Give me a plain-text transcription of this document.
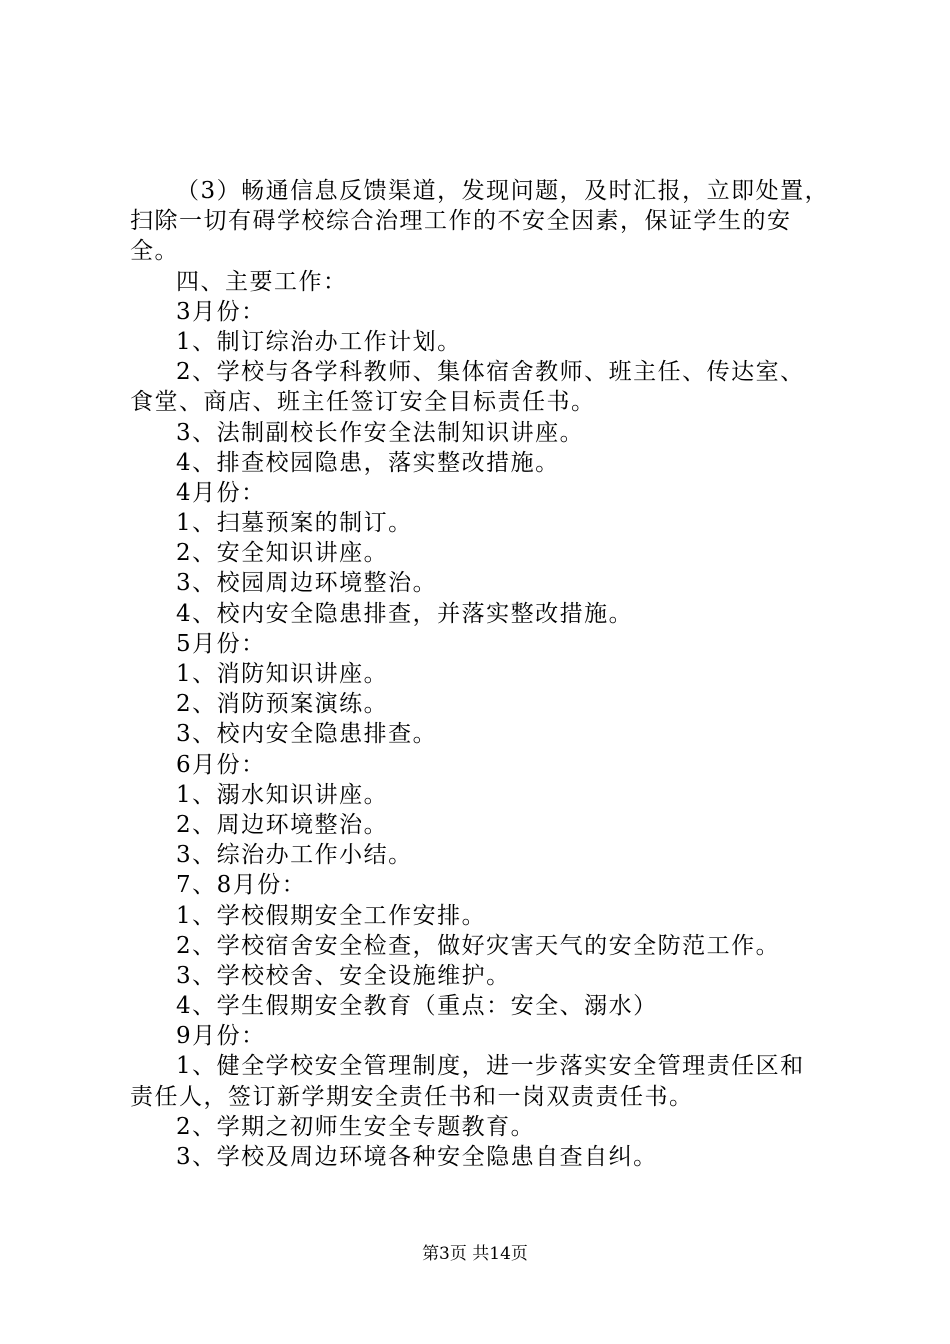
（3）畅通信息反馈渠道，发现问题，及时汇报，立即处置，
扫除一切有碍学校综合治理工作的不安全因素，保证学生的安
全。
四、主要工作：
3月份：
1、制订综治办工作计划。
2、学校与各学科教师、集体宿舍教师、班主任、传达室、
食堂、商店、班主任签订安全目标责任书。
3、法制副校长作安全法制知识讲座。
4、排查校园隐患，落实整改措施。
4月份：
1、扫墓预案的制订。
2、安全知识讲座。
3、校园周边环境整治。
4、校内安全隐患排查，并落实整改措施。
5月份：
1、消防知识讲座。
2、消防预案演练。
3、校内安全隐患排查。
6月份：
1、溺水知识讲座。
2、周边环境整治。
3、综治办工作小结。
7、8月份：
1、学校假期安全工作安排。
2、学校宿舍安全检查，做好灾害天气的安全防范工作。
3、学校校舍、安全设施维护。
4、学生假期安全教育（重点：安全、溺水）
9月份：
1、健全学校安全管理制度，进一步落实安全管理责任区和
责任人，签订新学期安全责任书和一岗双责责任书。
2、学期之初师生安全专题教育。
3、学校及周边环境各种安全隐患自查自纠。
第3页 共14页
